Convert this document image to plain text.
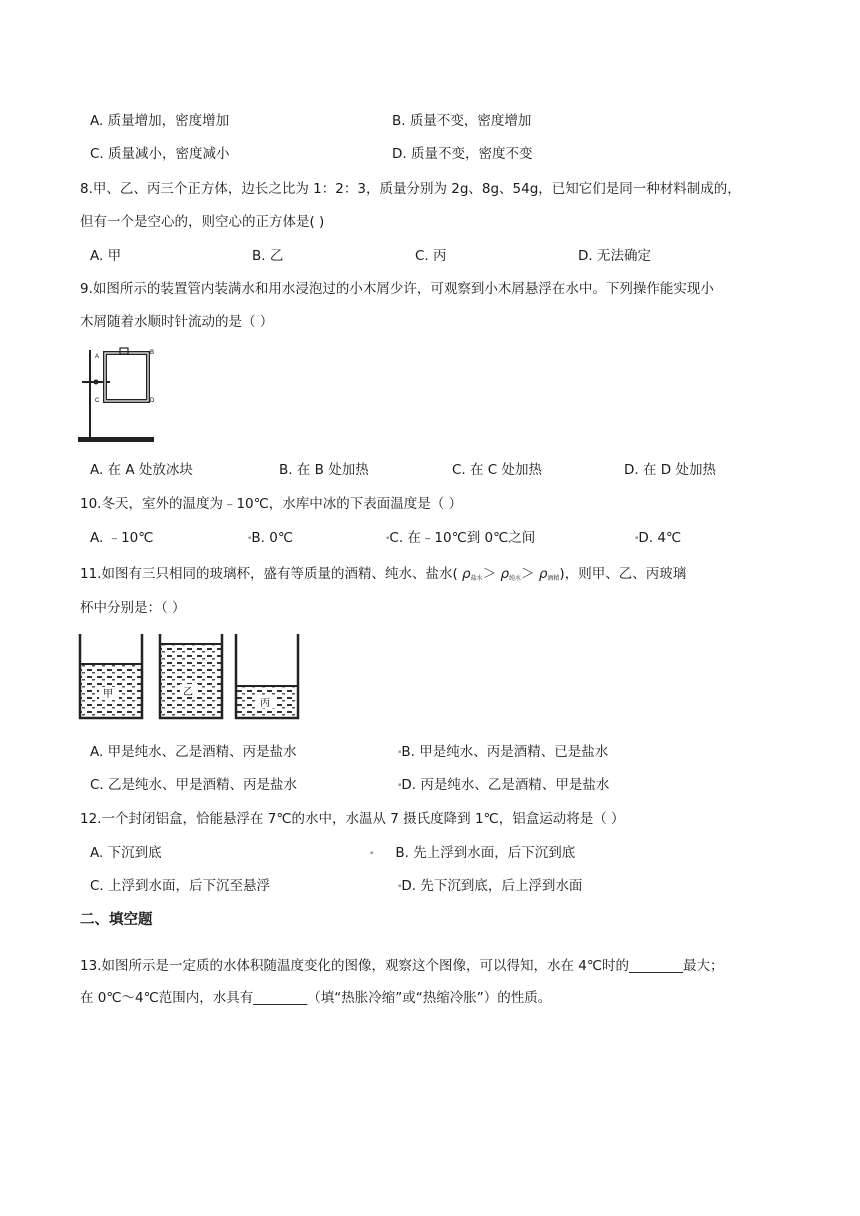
A. 质量增加，密度增加	B. 质量不变，密度增加
C. 质量减小，密度减小	D. 质量不变，密度不变
8.甲、乙、丙三个正方体，边长之比为 1：2：3，质量分别为 2g、8g、54g，已知它们是同一种材料制成的，
但有一个是空心的，则空心的正方体是( )
A. 甲	B. 乙	C. 丙	D. 无法确定
9.如图所示的装置管内装满水和用水浸泡过的小木屑少许，可观察到小木屑悬浮在水中。下列操作能实现小
木屑随着水顺时针流动的是（ ）
A
B
C	D
A. 在 A 处放冰块	B. 在 B 处加热	C. 在 C 处加热	D. 在 D 处加热
10.冬天，室外的温度为﹣10℃，水库中冰的下表面温度是（ ）
A. ﹣10℃	▪B. 0℃	▪C. 在﹣10℃到 0℃之间	▪D. 4℃
11.如图有三只相同的玻璃杯，盛有等质量的酒精、纯水、盐水( $\rho_{盐水}> \rho_{纯水}> \rho_{酒精}$)，则甲、乙、丙玻璃
杯中分别是：（ ）
甲	乙
丙
A. 甲是纯水、乙是酒精、丙是盐水	▪B. 甲是纯水、丙是酒精、已是盐水
C. 乙是纯水、甲是酒精、丙是盐水	▪D. 丙是纯水、乙是酒精、甲是盐水
12.一个封闭铝盒，恰能悬浮在 7℃的水中，水温从 7 摄氏度降到 1℃，铝盒运动将是（ ）
A. 下沉到底	▪ B. 先上浮到水面，后下沉到底
C. 上浮到水面，后下沉至悬浮	▪D. 先下沉到底，后上浮到水面
二、填空题
13.如图所示是一定质的水体积随温度变化的图像，观察这个图像，可以得知，水在 4℃时的________最大；
在 0℃～4℃范围内，水具有________（填“热胀冷缩”或“热缩冷胀”）的性质。
